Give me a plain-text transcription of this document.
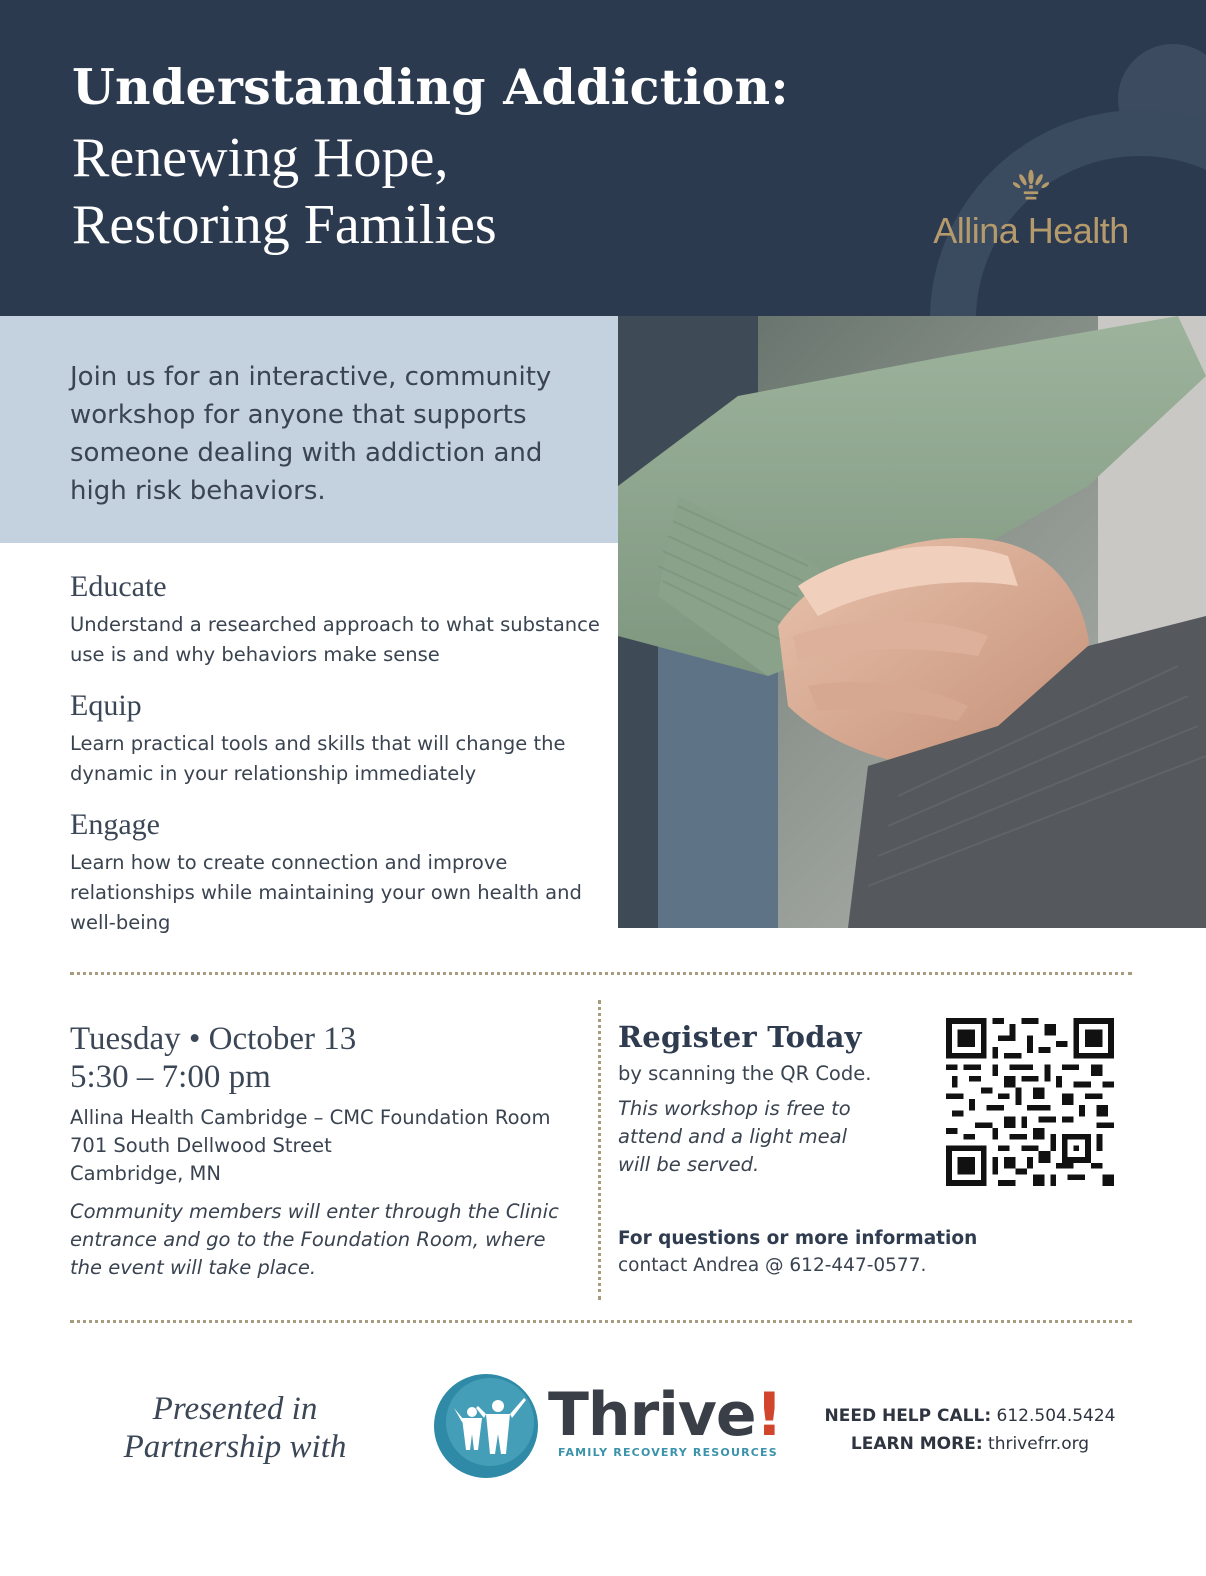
Understanding Addiction:
Renewing Hope,
Restoring Families	Allina Health

Join us for an interactive, community workshop for anyone that supports someone dealing with addiction and high risk behaviors.

Educate

Understand a researched approach to what substance use is and why behaviors make sense

Equip

Learn practical tools and skills that will change the dynamic in your relationship immediately

Engage

Learn how to create connection and improve relationships while maintaining your own health and well-being

Tuesday • October 13
5:30 – 7:00 pm
Allina Health Cambridge – CMC Foundation Room
701 South Dellwood Street
Cambridge, MN
Community members will enter through the Clinic entrance and go to the Foundation Room, where the event will take place.
Register Today
by scanning the QR Code.
This workshop is free to attend and a light meal will be served.
For questions or more information
contact Andrea @ 612-447-0577.
Presented in
Partnership with	Thrive!
FAMILY RECOVERY RESOURCES
NEED HELP CALL: 612.504.5424
LEARN MORE: thrivefrr.org
